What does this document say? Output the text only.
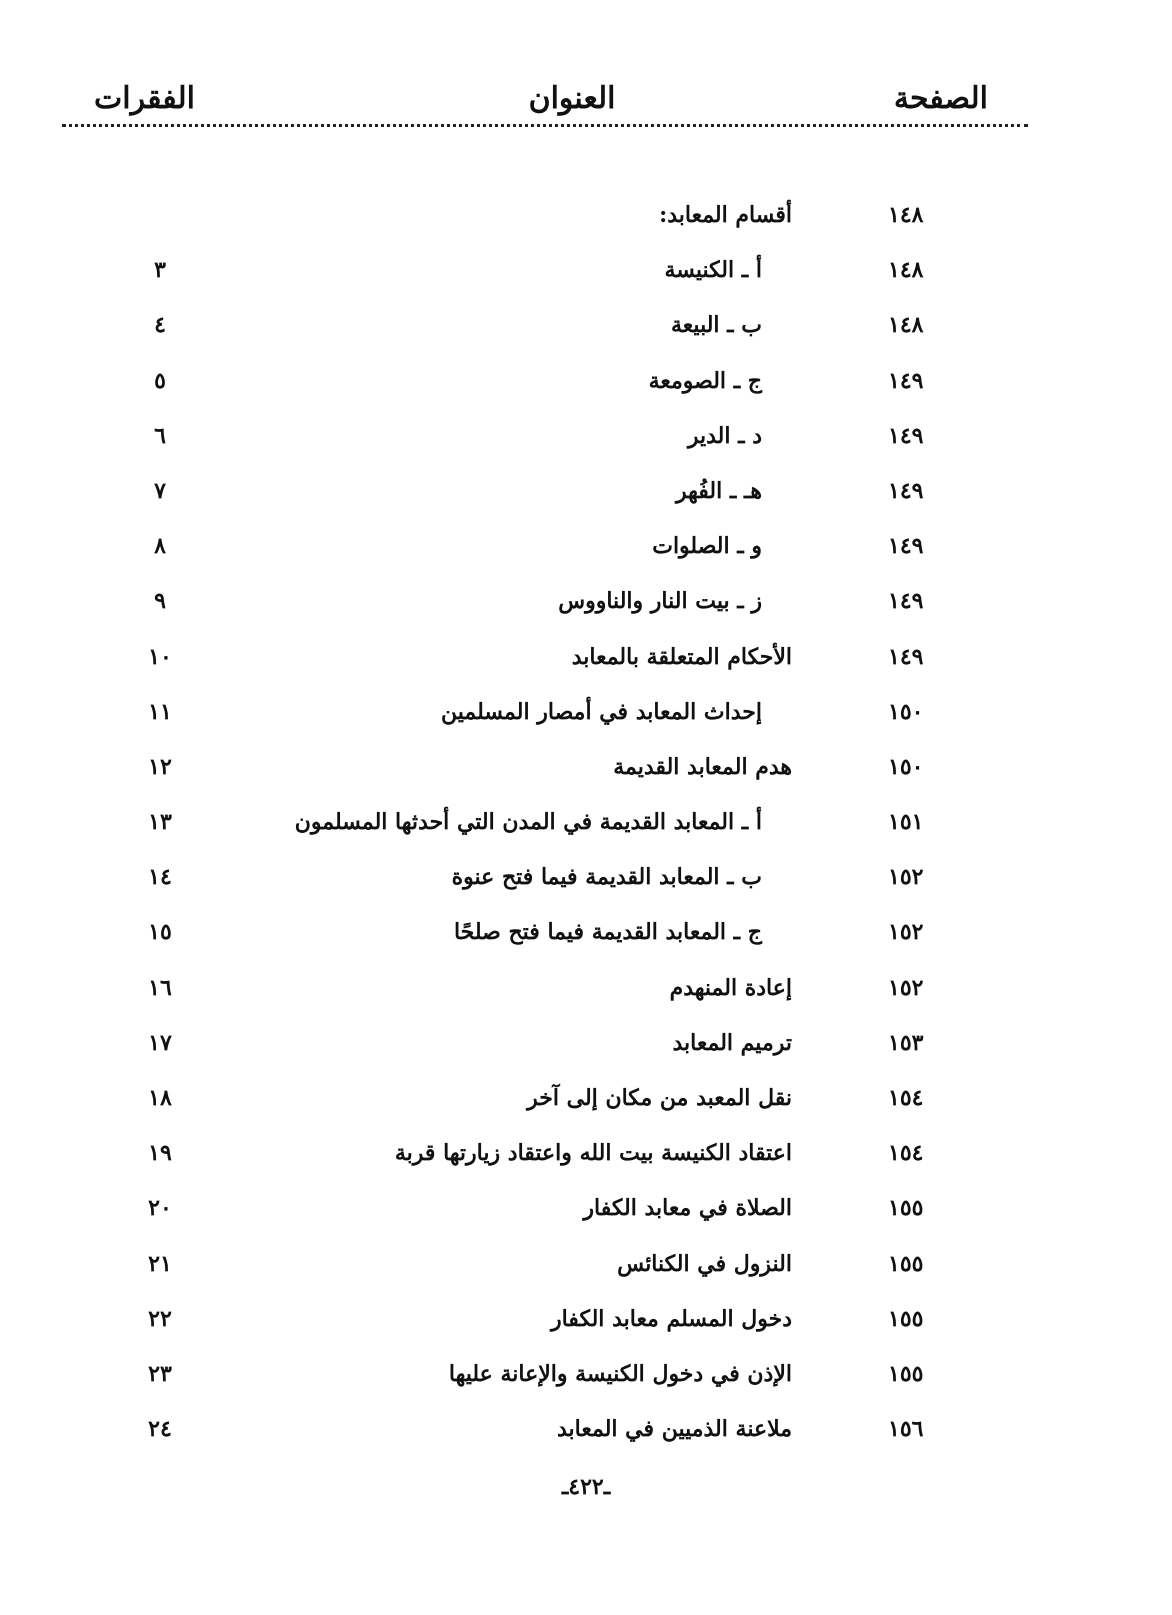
الصفحة
العنوان
الفقرات
١٤٨
أقسام المعابد:
١٤٨
أ ـ الكنيسة
٣
١٤٨
ب ـ البيعة
٤
١٤٩
ج ـ الصومعة
٥
١٤٩
د ـ الدير
٦
١٤٩
هـ ـ الفُهر
٧
١٤٩
و ـ الصلوات
٨
١٤٩
ز ـ بيت النار والناووس
٩
١٤٩
الأحكام المتعلقة بالمعابد
١٠
١٥٠
إحداث المعابد في أمصار المسلمين
١١
١٥٠
هدم المعابد القديمة
١٢
١٥١
أ ـ المعابد القديمة في المدن التي أحدثها المسلمون
١٣
١٥٢
ب ـ المعابد القديمة فيما فتح عنوة
١٤
١٥٢
ج ـ المعابد القديمة فيما فتح صلحًا
١٥
١٥٢
إعادة المنهدم
١٦
١٥٣
ترميم المعابد
١٧
١٥٤
نقل المعبد من مكان إلى آخر
١٨
١٥٤
اعتقاد الكنيسة بيت الله واعتقاد زيارتها قربة
١٩
١٥٥
الصلاة في معابد الكفار
٢٠
١٥٥
النزول في الكنائس
٢١
١٥٥
دخول المسلم معابد الكفار
٢٢
١٥٥
الإذن في دخول الكنيسة والإعانة عليها
٢٣
١٥٦
ملاعنة الذميين في المعابد
٢٤
ـ٤٢٢ـ
